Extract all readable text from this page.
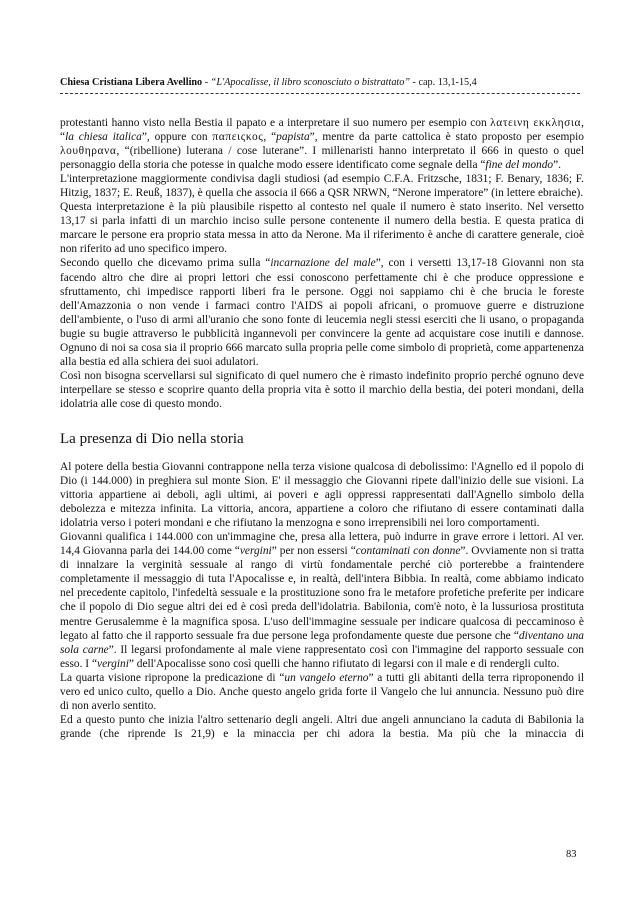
Chiesa Cristiana Libera Avellino - “L'Apocalisse, il libro sconosciuto o bistrattato” - cap. 13,1-15,4

protestanti hanno visto nella Bestia il papato e a interpretare il suo numero per esempio con λατεινη εκκλησια, “la chiesa italica”, oppure con παπειςκος, “papista”, mentre da parte cattolica è stato proposto per esempio λουθηρανα, “(ribellione) luterana / cose luterane”. I millenaristi hanno interpretato il 666 in questo o quel personaggio della storia che potesse in qualche modo essere identificato come segnale della “fine del mondo”.

L'interpretazione maggiormente condivisa dagli studiosi (ad esempio C.F.A. Fritzsche, 1831; F. Benary, 1836; F. Hitzig, 1837; E. Reuß, 1837), è quella che associa il 666 a QSR NRWN, “Nerone imperatore” (in lettere ebraiche).

Questa interpretazione è la più plausibile rispetto al contesto nel quale il numero è stato inserito. Nel versetto 13,17 si parla infatti di un marchio inciso sulle persone contenente il numero della bestia. E questa pratica di marcare le persone era proprio stata messa in atto da Nerone. Ma il riferimento è anche di carattere generale, cioè non riferito ad uno specifico impero.

Secondo quello che dicevamo prima sulla “incarnazione del male”, con i versetti 13,17-18 Giovanni non sta facendo altro che dire ai propri lettori che essi conoscono perfettamente chi è che produce oppressione e sfruttamento, chi impedisce rapporti liberi fra le persone. Oggi noi sappiamo chi è che brucia le foreste dell'Amazzonia o non vende i farmaci contro l'AIDS ai popoli africani, o promuove guerre e distruzione dell'ambiente, o l'uso di armi all'uranio che sono fonte di leucemia negli stessi eserciti che li usano, o propaganda bugie su bugie attraverso le pubblicità ingannevoli per convincere la gente ad acquistare cose inutili e dannose. Ognuno di noi sa cosa sia il proprio 666 marcato sulla propria pelle come simbolo di proprietà, come appartenenza alla bestia ed alla schiera dei suoi adulatori.

Così non bisogna scervellarsi sul significato di quel numero che è rimasto indefinito proprio perché ognuno deve interpellare se stesso e scoprire quanto della propria vita è sotto il marchio della bestia, dei poteri mondani, della idolatria alle cose di questo mondo.

La presenza di Dio nella storia

Al potere della bestia Giovanni contrappone nella terza visione qualcosa di debolissimo: l'Agnello ed il popolo di Dio (i 144.000) in preghiera sul monte Sion. E' il messaggio che Giovanni ripete dall'inizio delle sue visioni. La vittoria appartiene ai deboli, agli ultimi, ai poveri e agli oppressi rappresentati dall'Agnello simbolo della debolezza e mitezza infinita. La vittoria, ancora, appartiene a coloro che rifiutano di essere contaminati dalla idolatria verso i poteri mondani e che rifiutano la menzogna e sono irreprensibili nei loro comportamenti.

Giovanni qualifica i 144.000 con un'immagine che, presa alla lettera, può indurre in grave errore i lettori. Al ver. 14,4 Giovanna parla dei 144.00 come “vergini” per non essersi “contaminati con donne”. Ovviamente non si tratta di innalzare la verginità sessuale al rango di virtù fondamentale perché ciò porterebbe a fraintendere completamente il messaggio di tuta l'Apocalisse e, in realtà, dell'intera Bibbia. In realtà, come abbiamo indicato nel precedente capitolo, l'infedeltà sessuale e la prostituzione sono fra le metafore profetiche preferite per indicare che il popolo di Dio segue altri dei ed è così preda dell'idolatria. Babilonia, com'è noto, è la lussuriosa prostituta mentre Gerusalemme è la magnifica sposa. L'uso dell'immagine sessuale per indicare qualcosa di peccaminoso è legato al fatto che il rapporto sessuale fra due persone lega profondamente queste due persone che “diventano una sola carne”. Il legarsi profondamente al male viene rappresentato così con l'immagine del rapporto sessuale con esso. I “vergini” dell'Apocalisse sono così quelli che hanno rifiutato di legarsi con il male e di rendergli culto.

La quarta visione ripropone la predicazione di “un vangelo eterno” a tutti gli abitanti della terra riproponendo il vero ed unico culto, quello a Dio. Anche questo angelo grida forte il Vangelo che lui annuncia. Nessuno può dire di non averlo sentito.

Ed a questo punto che inizia l'altro settenario degli angeli. Altri due angeli annunciano la caduta di Babilonia la grande (che riprende Is 21,9) e la minaccia per chi adora la bestia. Ma più che la minaccia di

83
